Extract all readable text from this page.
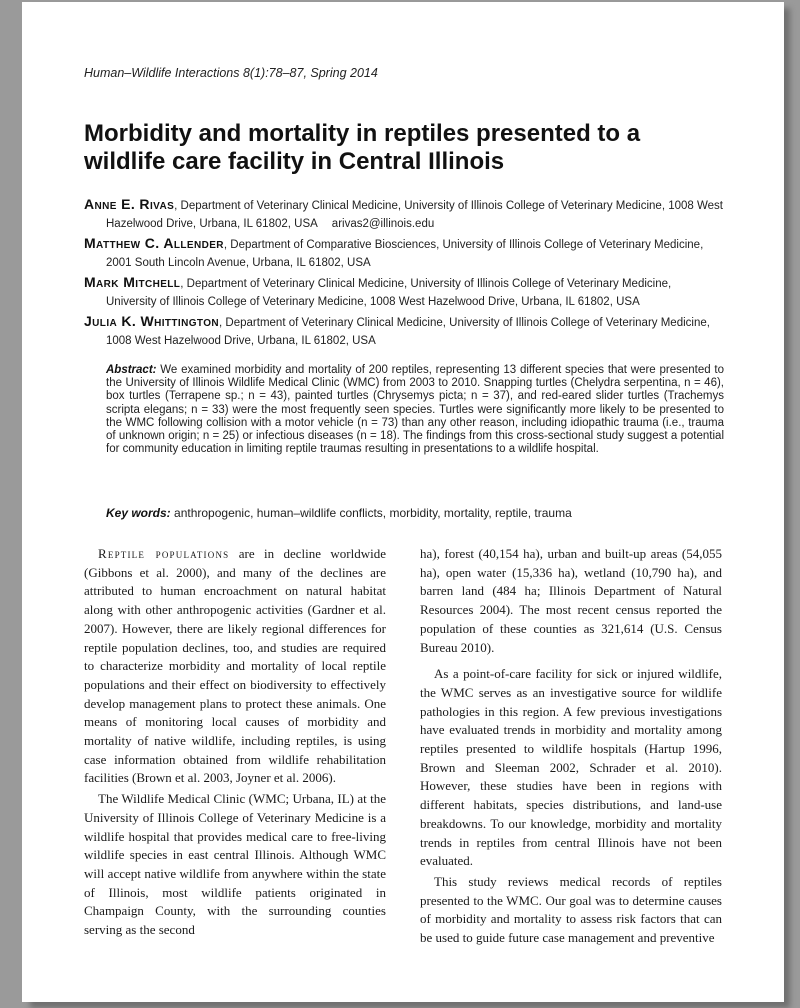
Human–Wildlife Interactions 8(1):78–87, Spring 2014
Morbidity and mortality in reptiles presented to a wildlife care facility in Central Illinois

Anne E. Rivas, Department of Veterinary Clinical Medicine, University of Illinois College of Veterinary Medicine, 1008 West Hazelwood Drive, Urbana, IL 61802, USA arivas2@illinois.edu

Matthew C. Allender, Department of Comparative Biosciences, University of Illinois College of Veterinary Medicine, 2001 South Lincoln Avenue, Urbana, IL 61802, USA

Mark Mitchell, Department of Veterinary Clinical Medicine, University of Illinois College of Veterinary Medicine, University of Illinois College of Veterinary Medicine, 1008 West Hazelwood Drive, Urbana, IL 61802, USA

Julia K. Whittington, Department of Veterinary Clinical Medicine, University of Illinois College of Veterinary Medicine, 1008 West Hazelwood Drive, Urbana, IL 61802, USA

Abstract: We examined morbidity and mortality of 200 reptiles, representing 13 different species that were presented to the University of Illinois Wildlife Medical Clinic (WMC) from 2003 to 2010. Snapping turtles (Chelydra serpentina, n = 46), box turtles (Terrapene sp.; n = 43), painted turtles (Chrysemys picta; n = 37), and red-eared slider turtles (Trachemys scripta elegans; n = 33) were the most frequently seen species. Turtles were significantly more likely to be presented to the WMC following collision with a motor vehicle (n = 73) than any other reason, including idiopathic trauma (i.e., trauma of unknown origin; n = 25) or infectious diseases (n = 18). The findings from this cross-sectional study suggest a potential for community education in limiting reptile traumas resulting in presentations to a wildlife hospital.

Key words: anthropogenic, human–wildlife conflicts, morbidity, mortality, reptile, trauma

Reptile populations are in decline worldwide (Gibbons et al. 2000), and many of the declines are attributed to human encroachment on natural habitat along with other anthropogenic activities (Gardner et al. 2007). However, there are likely regional differences for reptile population declines, too, and studies are required to characterize morbidity and mortality of local reptile populations and their effect on biodiversity to effectively develop management plans to protect these animals. One means of monitoring local causes of morbidity and mortality of native wildlife, including reptiles, is using case information obtained from wildlife rehabilitation facilities (Brown et al. 2003, Joyner et al. 2006).

The Wildlife Medical Clinic (WMC; Urbana, IL) at the University of Illinois College of Veterinary Medicine is a wildlife hospital that provides medical care to free-living wildlife species in east central Illinois. Although WMC will accept native wildlife from anywhere within the state of Illinois, most wildlife patients originated in Champaign County, with the surrounding counties serving as the second

ha), forest (40,154 ha), urban and built-up areas (54,055 ha), open water (15,336 ha), wetland (10,790 ha), and barren land (484 ha; Illinois Department of Natural Resources 2004). The most recent census reported the population of these counties as 321,614 (U.S. Census Bureau 2010).

As a point-of-care facility for sick or injured wildlife, the WMC serves as an investigative source for wildlife pathologies in this region. A few previous investigations have evaluated trends in morbidity and mortality among reptiles presented to wildlife hospitals (Hartup 1996, Brown and Sleeman 2002, Schrader et al. 2010). However, these studies have been in regions with different habitats, species distributions, and land-use breakdowns. To our knowledge, morbidity and mortality trends in reptiles from central Illinois have not been evaluated.

This study reviews medical records of reptiles presented to the WMC. Our goal was to determine causes of morbidity and mortality to assess risk factors that can be used to guide future case management and preventive
